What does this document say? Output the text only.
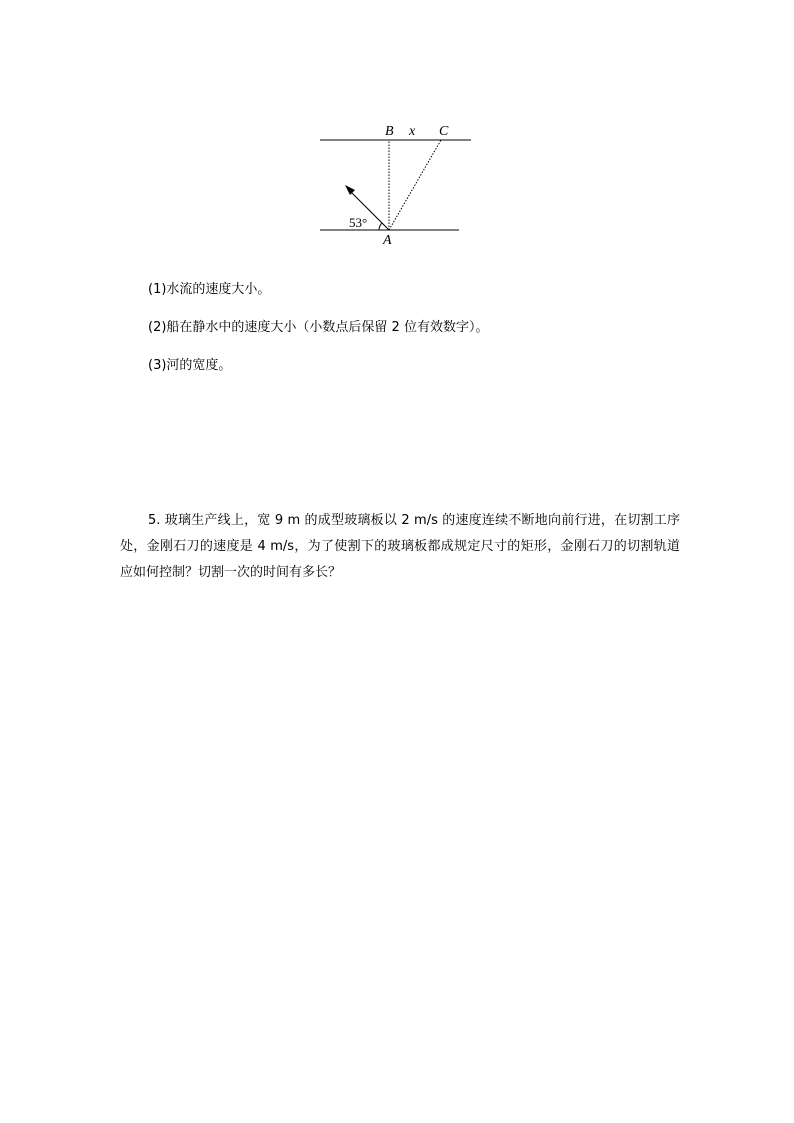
B x C
A
53°
(1)水流的速度大小。
(2)船在静水中的速度大小（小数点后保留 2 位有效数字）。
(3)河的宽度。
5. 玻璃生产线上，宽 9 m 的成型玻璃板以 2 m/s 的速度连续不断地向前行进，在切割工序处，金刚石刀的速度是 4 m/s，为了使割下的玻璃板都成规定尺寸的矩形，金刚石刀的切割轨道应如何控制？切割一次的时间有多长？
